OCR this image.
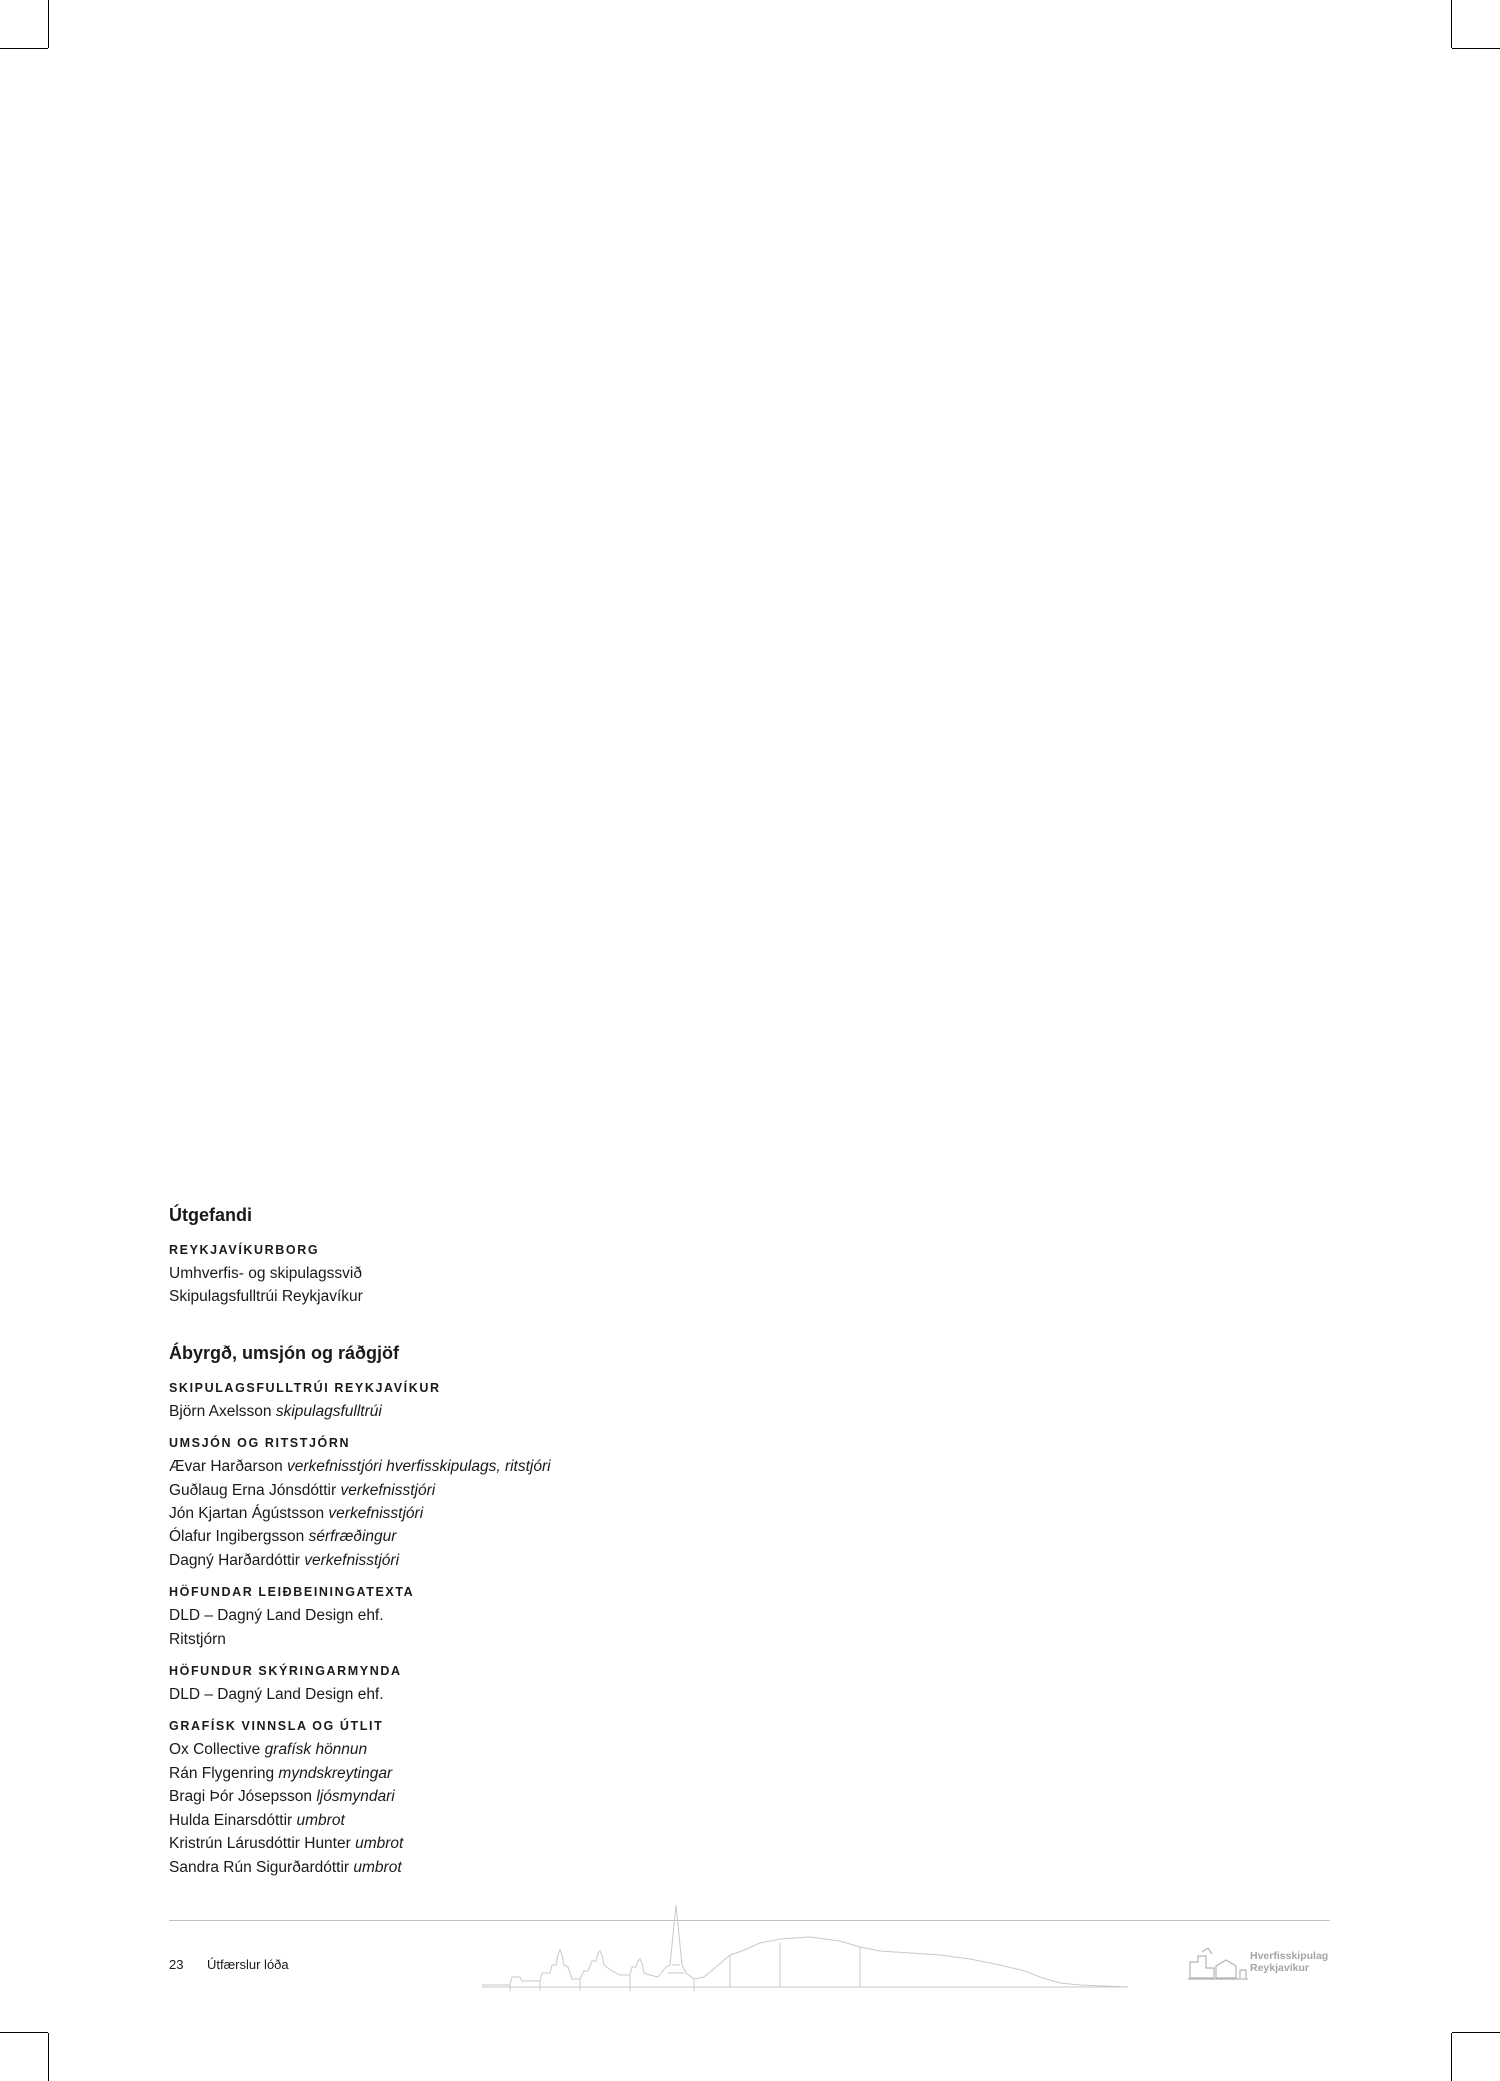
Útgefandi
REYKJAVÍKURBORG
Umhverfis- og skipulagssvið
Skipulagsfulltrúi Reykjavíkur
Ábyrgð, umsjón og ráðgjöf
SKIPULAGSFULLTRÚI REYKJAVÍKUR
Björn Axelsson skipulagsfulltrúi
UMSJÓN OG RITSTJÓRN
Ævar Harðarson verkefnisstjóri hverfisskipulags, ritstjóri
Guðlaug Erna Jónsdóttir verkefnisstjóri
Jón Kjartan Ágústsson verkefnisstjóri
Ólafur Ingibergsson sérfræðingur
Dagný Harðardóttir verkefnisstjóri
HÖFUNDAR LEIÐBEININGATEXTA
DLD – Dagný Land Design ehf.
Ritstjórn
HÖFUNDUR SKÝRINGARMYNDA
DLD – Dagný Land Design ehf.
GRAFÍSK VINNSLA OG ÚTLIT
Ox Collective grafísk hönnun
Rán Flygenring myndskreytingar
Bragi Þór Jósepsson ljósmyndari
Hulda Einarsdóttir umbrot
Kristrún Lárusdóttir Hunter umbrot
Sandra Rún Sigurðardóttir umbrot
23 Útfærslur lóða
Hverfisskipulag
Reykjavíkur
